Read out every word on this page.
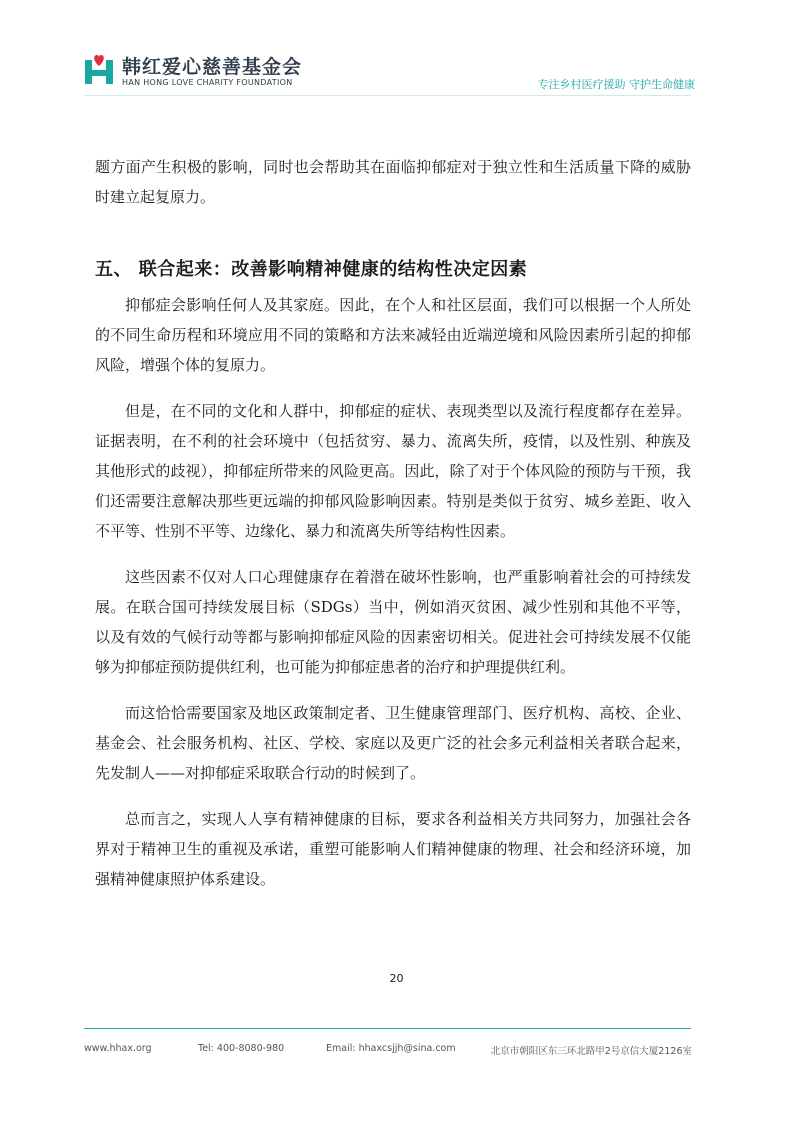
韩红爱心慈善基金会
HAN HONG LOVE CHARITY FOUNDATION	专注乡村医疗援助 守护生命健康

题方面产生积极的影响，同时也会帮助其在面临抑郁症对于独立性和生活质量下降的威胁时建立起复原力。

五、 联合起来：改善影响精神健康的结构性决定因素

抑郁症会影响任何人及其家庭。因此，在个人和社区层面，我们可以根据一个人所处的不同生命历程和环境应用不同的策略和方法来减轻由近端逆境和风险因素所引起的抑郁风险，增强个体的复原力。

但是，在不同的文化和人群中，抑郁症的症状、表现类型以及流行程度都存在差异。证据表明，在不利的社会环境中（包括贫穷、暴力、流离失所，疫情，以及性别、种族及其他形式的歧视），抑郁症所带来的风险更高。因此，除了对于个体风险的预防与干预，我们还需要注意解决那些更远端的抑郁风险影响因素。特别是类似于贫穷、城乡差距、收入不平等、性别不平等、边缘化、暴力和流离失所等结构性因素。

这些因素不仅对人口心理健康存在着潜在破坏性影响，也严重影响着社会的可持续发展。在联合国可持续发展目标（SDGs）当中，例如消灭贫困、减少性别和其他不平等，以及有效的气候行动等都与影响抑郁症风险的因素密切相关。促进社会可持续发展不仅能够为抑郁症预防提供红利，也可能为抑郁症患者的治疗和护理提供红利。

而这恰恰需要国家及地区政策制定者、卫生健康管理部门、医疗机构、高校、企业、基金会、社会服务机构、社区、学校、家庭以及更广泛的社会多元利益相关者联合起来，先发制人——对抑郁症采取联合行动的时候到了。

总而言之，实现人人享有精神健康的目标，要求各利益相关方共同努力，加强社会各界对于精神卫生的重视及承诺，重塑可能影响人们精神健康的物理、社会和经济环境，加强精神健康照护体系建设。

20
www.hhax.org	Tel: 400-8080-980	Email: hhaxcsjjh@sina.com	北京市朝阳区东三环北路甲2号京信大厦2126室
